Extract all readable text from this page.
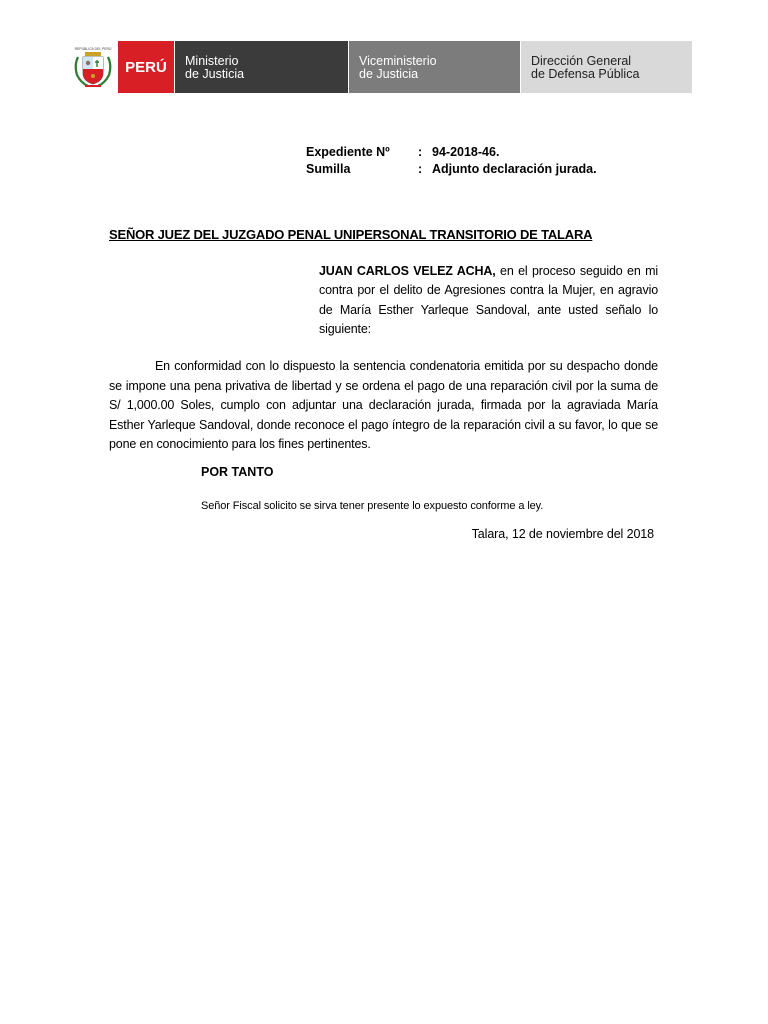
REPÚBLICA DEL PERÚ
PERÚ	Ministerio
de Justicia
Viceministerio
de Justicia
Dirección General
de Defensa Pública
Expediente Nº	: 94-2018-46.
Sumilla	: Adjunto declaración jurada.
SEÑOR JUEZ DEL JUZGADO PENAL UNIPERSONAL TRANSITORIO DE TALARA

JUAN CARLOS VELEZ ACHA, en el proceso seguido en mi contra por el delito de Agresiones contra la Mujer, en agravio de María Esther Yarleque Sandoval, ante usted señalo lo siguiente:

En conformidad con lo dispuesto la sentencia condenatoria emitida por su despacho donde se impone una pena privativa de libertad y se ordena el pago de una reparación civil por la suma de S/ 1,000.00 Soles, cumplo con adjuntar una declaración jurada, firmada por la agraviada María Esther Yarleque Sandoval, donde reconoce el pago íntegro de la reparación civil a su favor, lo que se pone en conocimiento para los fines pertinentes.

POR TANTO
Señor Fiscal solicito se sirva tener presente lo expuesto conforme a ley.
Talara, 12 de noviembre del 2018
